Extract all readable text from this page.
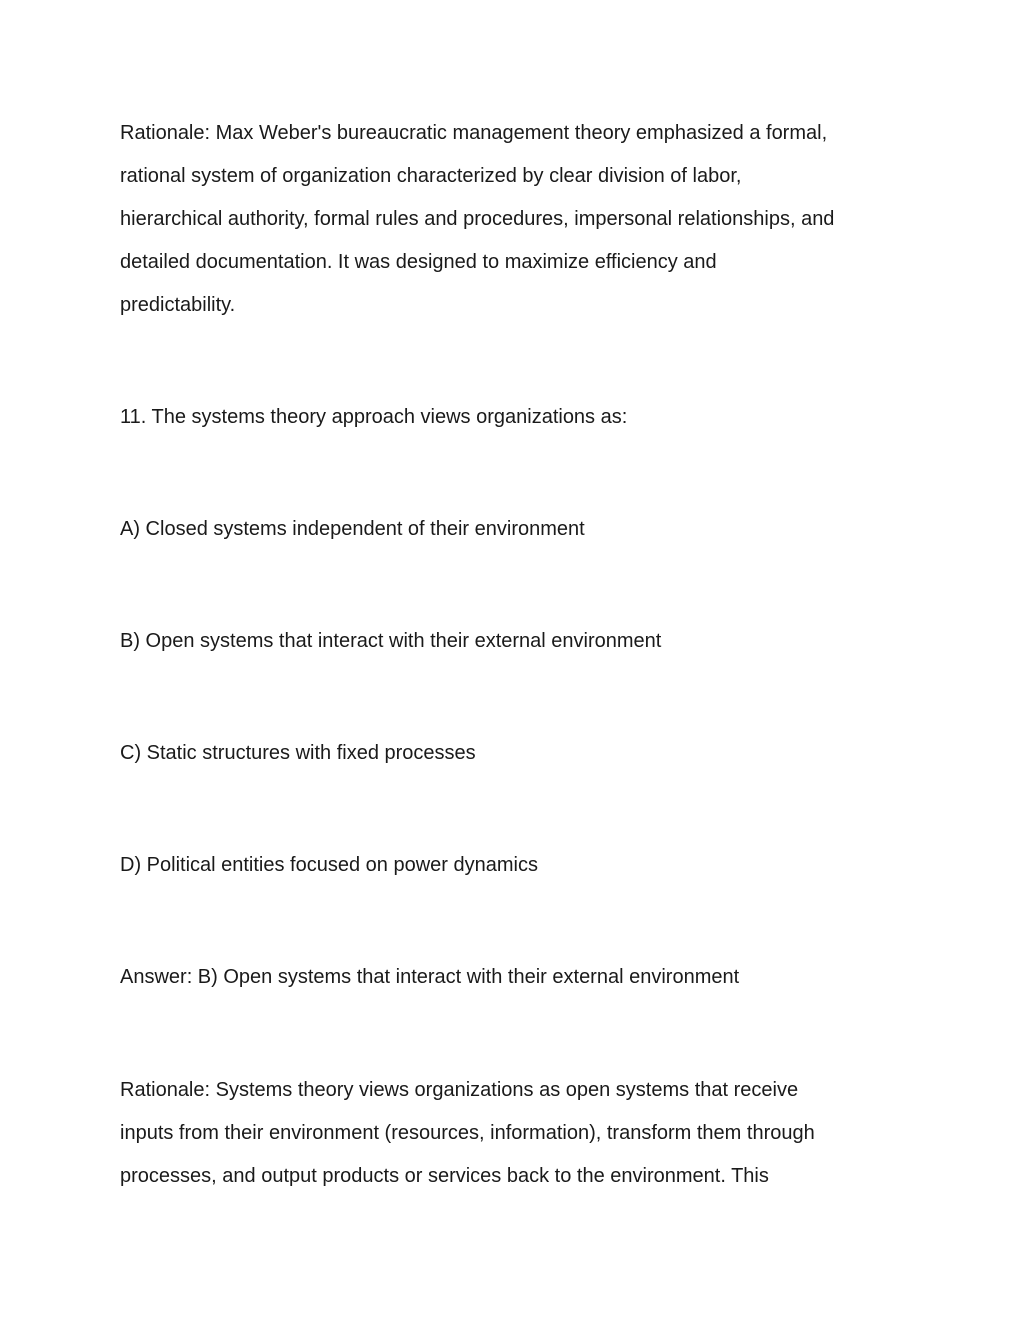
Rationale: Max Weber's bureaucratic management theory emphasized a formal,
rational system of organization characterized by clear division of labor,
hierarchical authority, formal rules and procedures, impersonal relationships, and
detailed documentation. It was designed to maximize efficiency and
predictability.

11. The systems theory approach views organizations as:

A) Closed systems independent of their environment

B) Open systems that interact with their external environment

C) Static structures with fixed processes

D) Political entities focused on power dynamics

Answer: B) Open systems that interact with their external environment

Rationale: Systems theory views organizations as open systems that receive
inputs from their environment (resources, information), transform them through
processes, and output products or services back to the environment. This
